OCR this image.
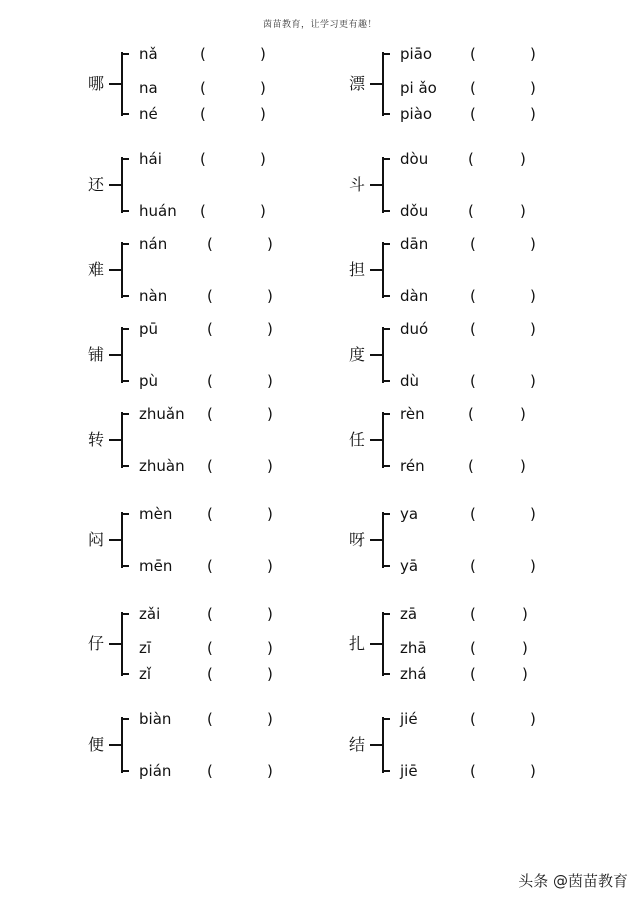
茵苗教育，让学习更有趣！
哪
nǎ	(	)
na	(	)
né	(	)
还
hái	(	)
huán (	)
难
nán	(	)
nàn	(	)
铺
pū	(	)
pù	(	)
转
zhuǎn (	)
zhuàn (	)
闷
mèn (	)
mēn (	)
仔
zǎi	(	)
zī	(	)
zǐ	(	)
便
biàn (	)
pián (	)
漂
piāo	(	)
pi ǎo (	)
piào	(	)
斗
dòu	(	)
dǒu	(	)
担
dān	(	)
dàn	(	)
度
duó	(	)
dù	(	)
任
rèn	(	)
rén	(	)
呀
ya	(	)
yā	(	)
扎
zā	(	)
zhā	(	)
zhá	(	)
结
jié	(	)
jiē	(	)
头条 @茵苗教育
